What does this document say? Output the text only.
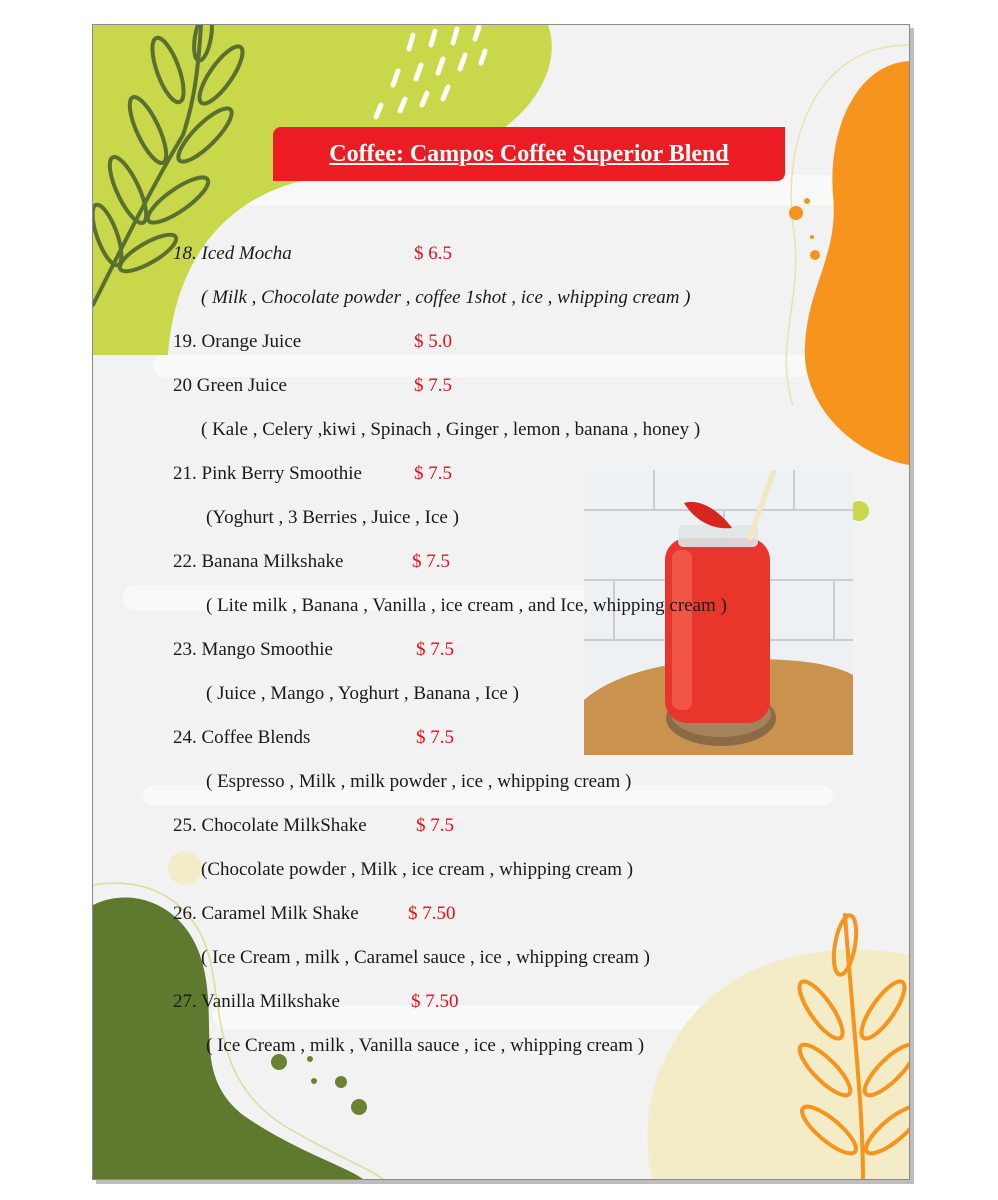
Coffee: Campos Coffee Superior Blend
18. Iced Mocha	$ 6.5
( Milk , Chocolate powder , coffee 1shot , ice , whipping cream )
19. Orange Juice	$ 5.0
20 Green Juice	$ 7.5
( Kale , Celery ,kiwi , Spinach , Ginger , lemon , banana , honey )
21. Pink Berry Smoothie	$ 7.5
(Yoghurt , 3 Berries , Juice , Ice )
22. Banana Milkshake	$ 7.5
( Lite milk , Banana , Vanilla , ice cream , and Ice, whipping cream )
23. Mango Smoothie	$ 7.5
( Juice , Mango , Yoghurt , Banana , Ice )
24. Coffee Blends	$ 7.5
( Espresso , Milk , milk powder , ice , whipping cream )
25. Chocolate MilkShake	$ 7.5
(Chocolate powder , Milk , ice cream , whipping cream )
26. Caramel Milk Shake	$ 7.50
( Ice Cream , milk , Caramel sauce , ice , whipping cream )
27. Vanilla Milkshake	$ 7.50
( Ice Cream , milk , Vanilla sauce , ice , whipping cream )
